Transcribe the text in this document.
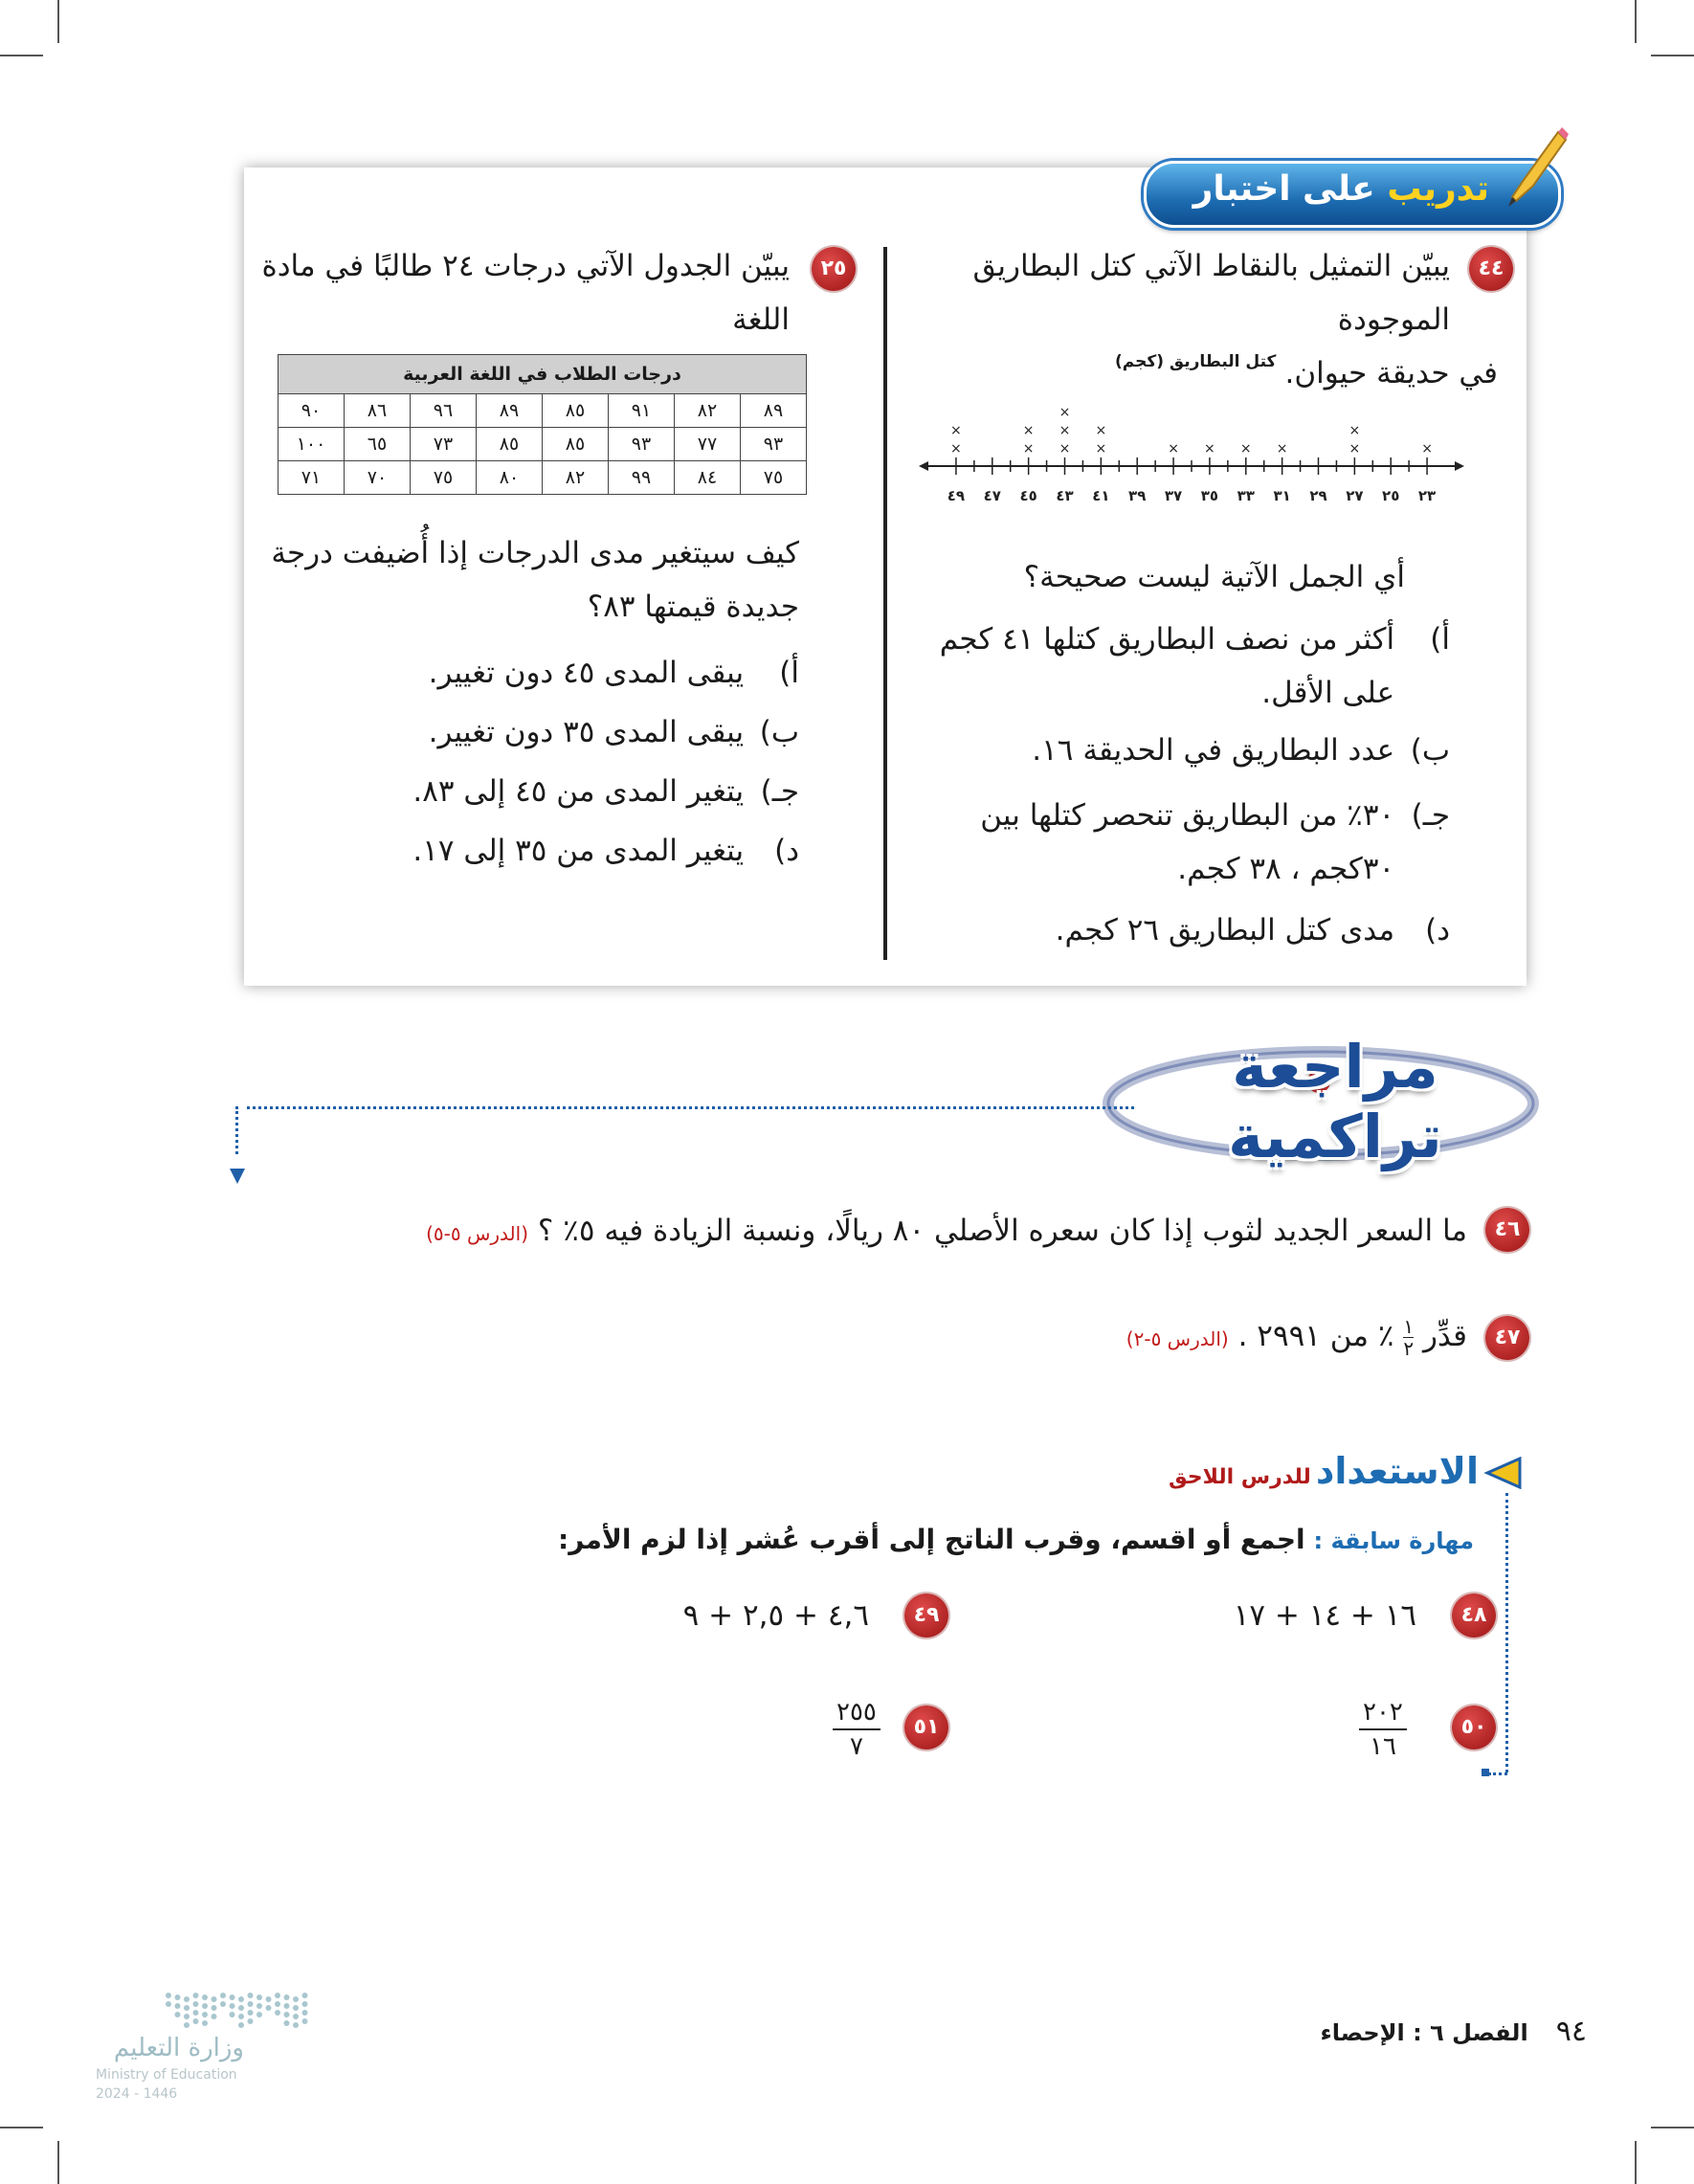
تدريب على اختبار
٤٤
يبيّن التمثيل بالنقاط الآتي كتل البطاريق الموجودة
في حديقة حيوان.
كتل البطاريق (كجم)
٢٣
٢٥
٢٧
٢٩
٣١
٣٣
٣٥
٣٧
٣٩
٤١
٤٣
٤٥
٤٧
٤٩
×
×
×
×
×
×
×
×
×
×
×
×
×
×
×
×
أي الجمل الآتية ليست صحيحة؟
أ) أكثر من نصف البطاريق كتلها ٤١ كجم
على الأقل.
ب) عدد البطاريق في الحديقة ١٦.
جـ) ٣٠٪ من البطاريق تنحصر كتلها بين
٣٠كجم ، ٣٨ كجم.
د) مدى كتل البطاريق ٢٦ كجم.
٢٥
يبيّن الجدول الآتي درجات ٢٤ طالبًا في مادة اللغة
درجات الطلاب في اللغة العربية							
٨٩	٨٢	٩١	٨٥	٨٩	٩٦	٨٦	٩٠
٩٣	٧٧	٩٣	٨٥	٨٥	٧٣	٦٥	١٠٠
٧٥	٨٤	٩٩	٨٢	٨٠	٧٥	٧٠	٧١
كيف سيتغير مدى الدرجات إذا أُضيفت درجة
جديدة قيمتها ٨٣؟
أ) يبقى المدى ٤٥ دون تغيير.
ب) يبقى المدى ٣٥ دون تغيير.
جـ) يتغير المدى من ٤٥ إلى ٨٣.
د) يتغير المدى من ٣٥ إلى ١٧.
مراجعة تراكمية
٤٦
ما السعر الجديد لثوب إذا كان سعره الأصلي ٨٠ ريالًا، ونسبة الزيادة فيه ٥٪ ؟ (الدرس ٥-٥)
٤٧
قدِّر
١
٢
٪ من ٢٩٩١ . (الدرس ٥-٢)
الاستعداد للدرس اللاحق
مهارة سابقة : اجمع أو اقسم، وقرب الناتج إلى أقرب عُشر إذا لزم الأمر:
٤٨
١٦ + ١٤ + ١٧
٤٩
٤,٦ + ٢,٥ + ٩
٥٠
٢٠٢
١٦
٥١
٢٥٥
٧
٩٤ الفصل ٦ : الإحصاء
وزارة التعليم
Ministry of Education
2024 - 1446
